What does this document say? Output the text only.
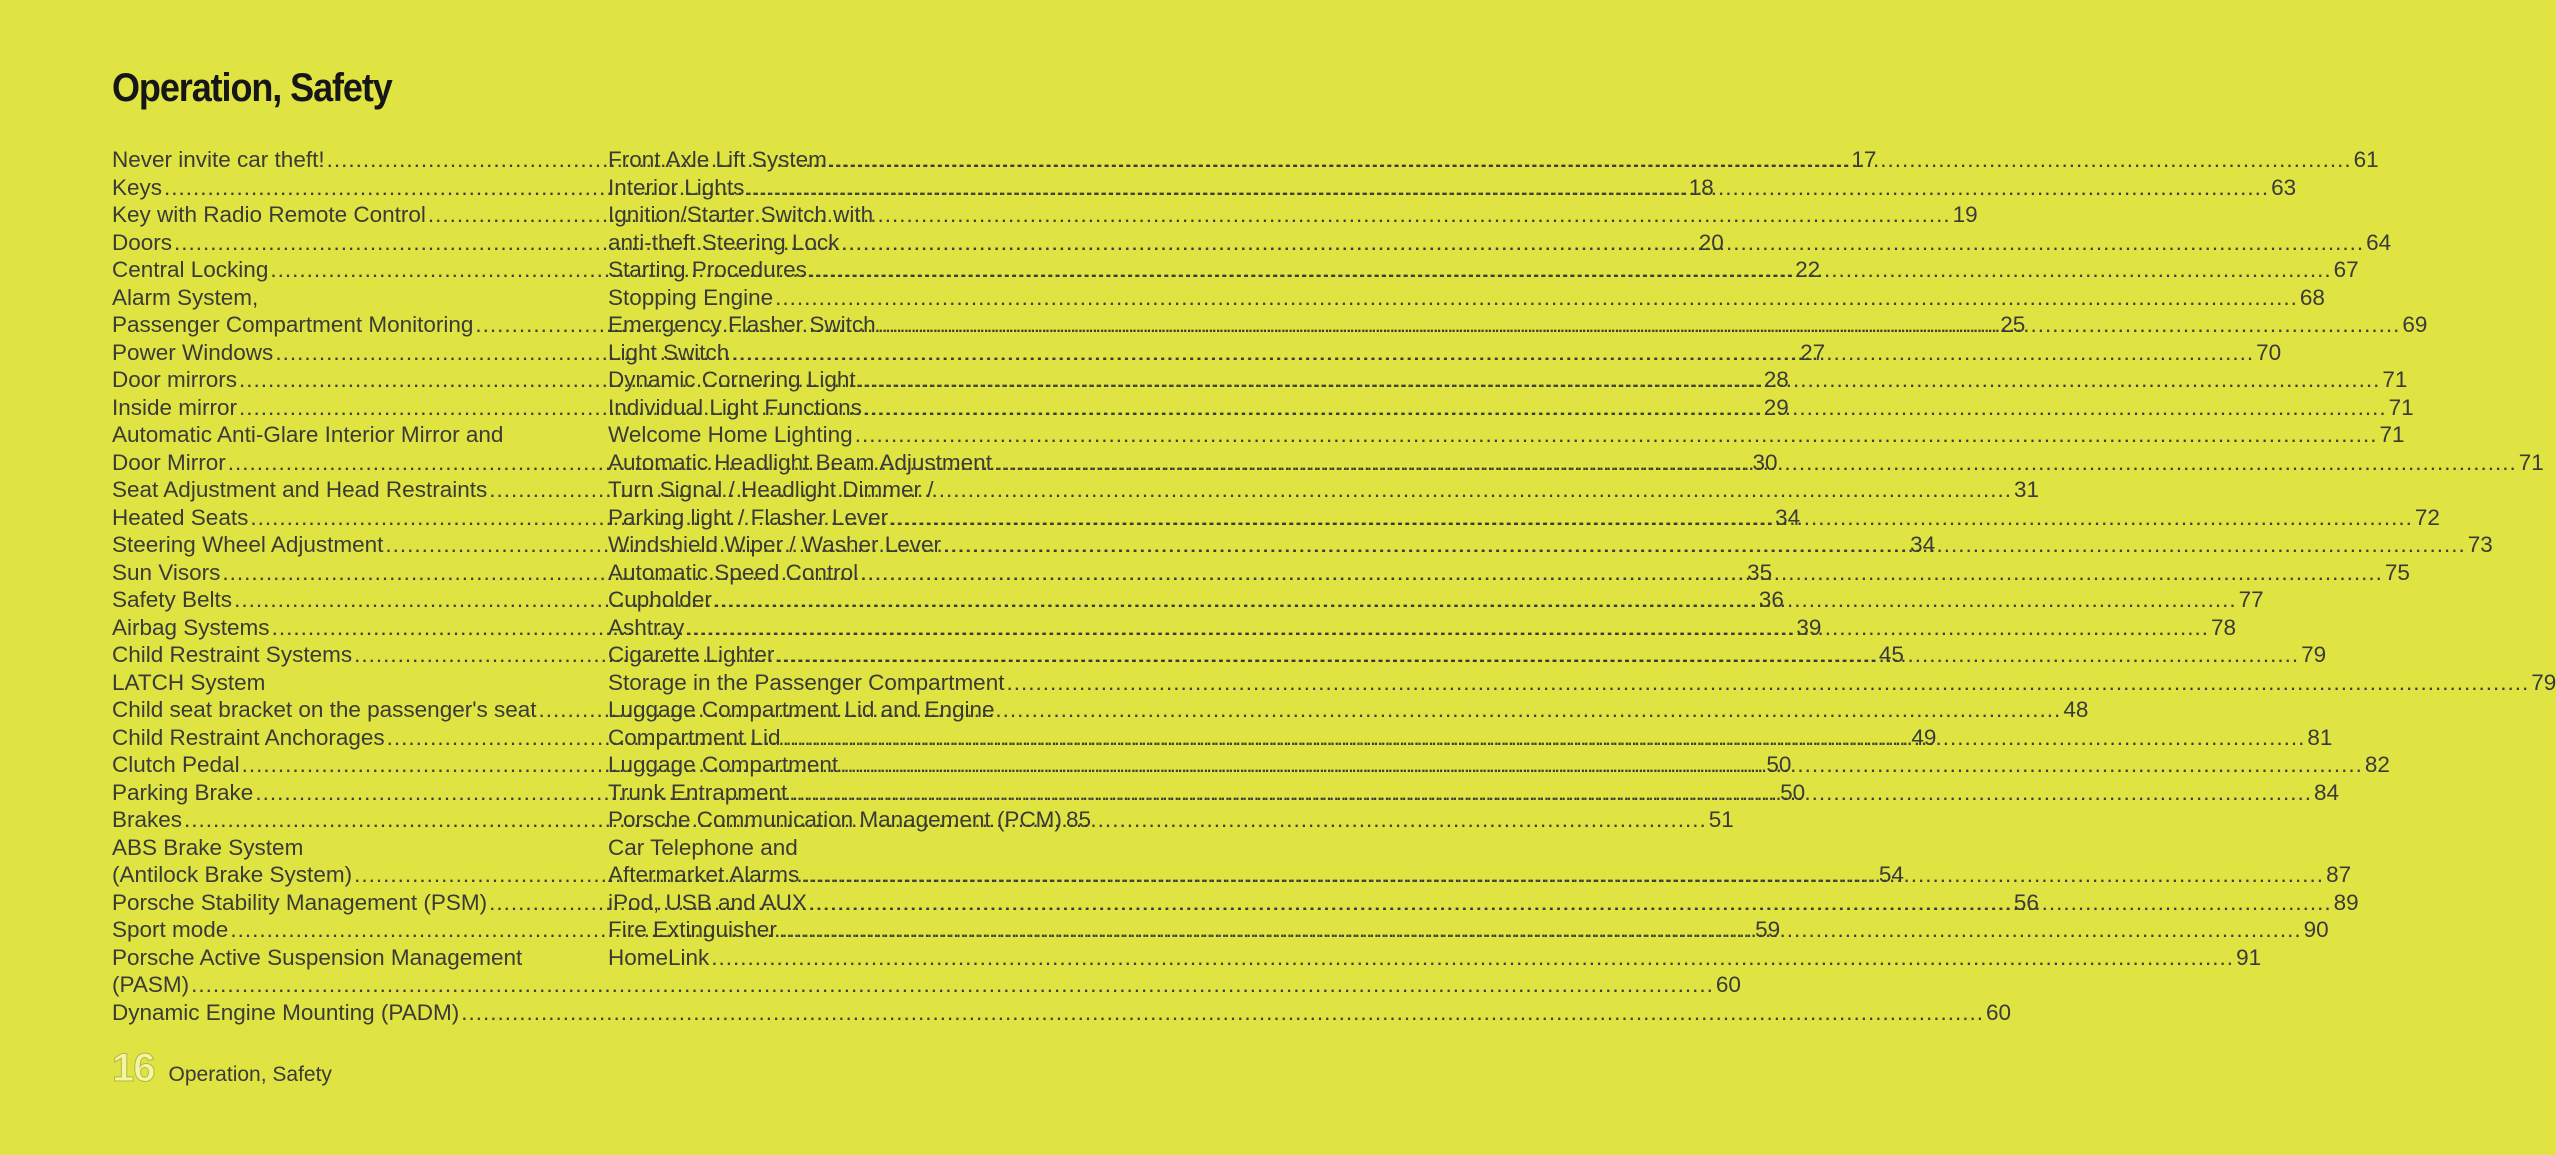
Operation, Safety
Never invite car theft! .....	17
Keys .....	18
Key with Radio Remote Control .....	19
Doors .....	20
Central Locking .....	22
Alarm System,
Passenger Compartment Monitoring .....	25
Power Windows .....	27
Door mirrors .....	28
Inside mirror .....	29
Automatic Anti-Glare Interior Mirror and
Door Mirror .....	30
Seat Adjustment and Head Restraints .....	31
Heated Seats .....	34
Steering Wheel Adjustment .....	34
Sun Visors .....	35
Safety Belts .....	36
Airbag Systems .....	39
Child Restraint Systems .....	45
LATCH System
Child seat bracket on the passenger's seat .....	48
Child Restraint Anchorages .....	49
Clutch Pedal .....	50
Parking Brake .....	50
Brakes .....	51
ABS Brake System
(Antilock Brake System) .....	54
Porsche Stability Management (PSM) .....	56
Sport mode .....	59
Porsche Active Suspension Management
(PASM) .....	60
Dynamic Engine Mounting (PADM) .....	60
Front Axle Lift System .....	61
Interior Lights .....	63
Ignition/Starter Switch with
anti-theft Steering Lock .....	64
Starting Procedures .....	67
Stopping Engine .....	68
Emergency Flasher Switch .....	69
Light Switch .....	70
Dynamic Cornering Light .....	71
Individual Light Functions .....	71
Welcome Home Lighting .....	71
Automatic Headlight Beam Adjustment .....	71
Turn Signal / Headlight Dimmer /
Parking light / Flasher Lever .....	72
Windshield Wiper / Washer Lever .....	73
Automatic Speed Control .....	75
Cupholder .....	77
Ashtray .....	78
Cigarette Lighter .....	79
Storage in the Passenger Compartment .....	79
Luggage Compartment Lid and Engine
Compartment Lid .....	81
Luggage Compartment .....	82
Trunk Entrapment .....	84
Porsche Communication Management (PCM) 85
Car Telephone and
Aftermarket Alarms .....	87
iPod, USB and AUX .....	89
Fire Extinguisher .....	90
HomeLink .....	91
16 Operation, Safety
